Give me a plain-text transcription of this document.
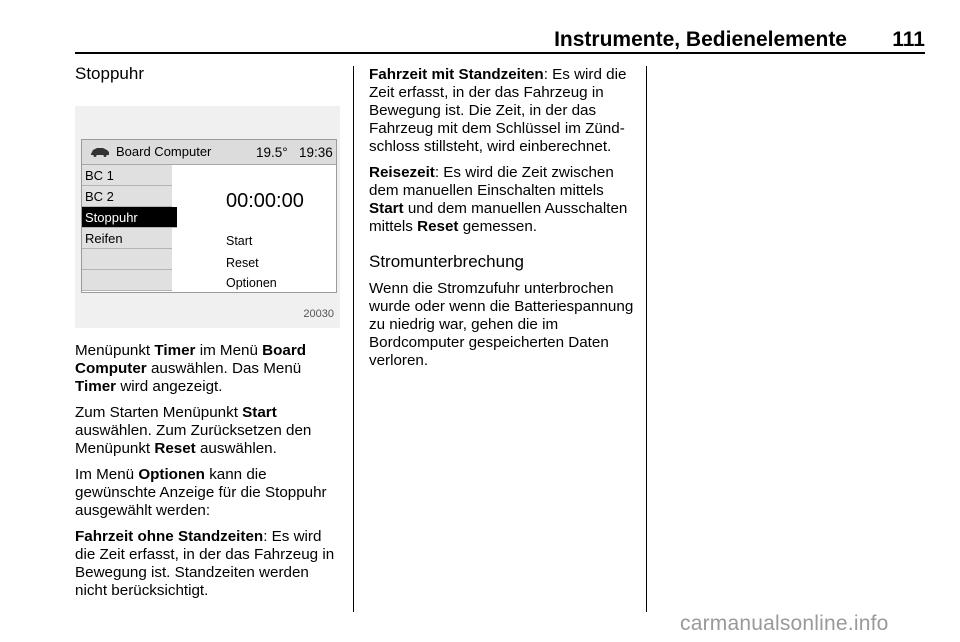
Instrumente, Bedienelemente 111
Stoppuhr
Board Computer	19.5° 19:36
BC 1
BC 2
Stoppuhr
Reifen
00:00:00
Start
Reset
Optionen
20030

Menüpunkt Timer im Menü Board Computer auswählen. Das Menü Timer wird angezeigt.

Zum Starten Menüpunkt Start auswählen. Zum Zurücksetzen den Menüpunkt Reset auswählen.

Im Menü Optionen kann die gewünschte Anzeige für die Stoppuhr ausgewählt werden:

Fahrzeit ohne Standzeiten: Es wird die Zeit erfasst, in der das Fahrzeug in Bewegung ist. Standzeiten werden nicht berücksichtigt.

Fahrzeit mit Standzeiten: Es wird die Zeit erfasst, in der das Fahrzeug in Bewegung ist. Die Zeit, in der das Fahrzeug mit dem Schlüssel im Zündschloss stillsteht, wird einberechnet.

Reisezeit: Es wird die Zeit zwischen dem manuellen Einschalten mittels Start und dem manuellen Ausschalten mittels Reset gemessen.

Stromunterbrechung

Wenn die Stromzufuhr unterbrochen wurde oder wenn die Batteriespannung zu niedrig war, gehen die im Bordcomputer gespeicherten Daten verloren.

carmanualsonline.info
